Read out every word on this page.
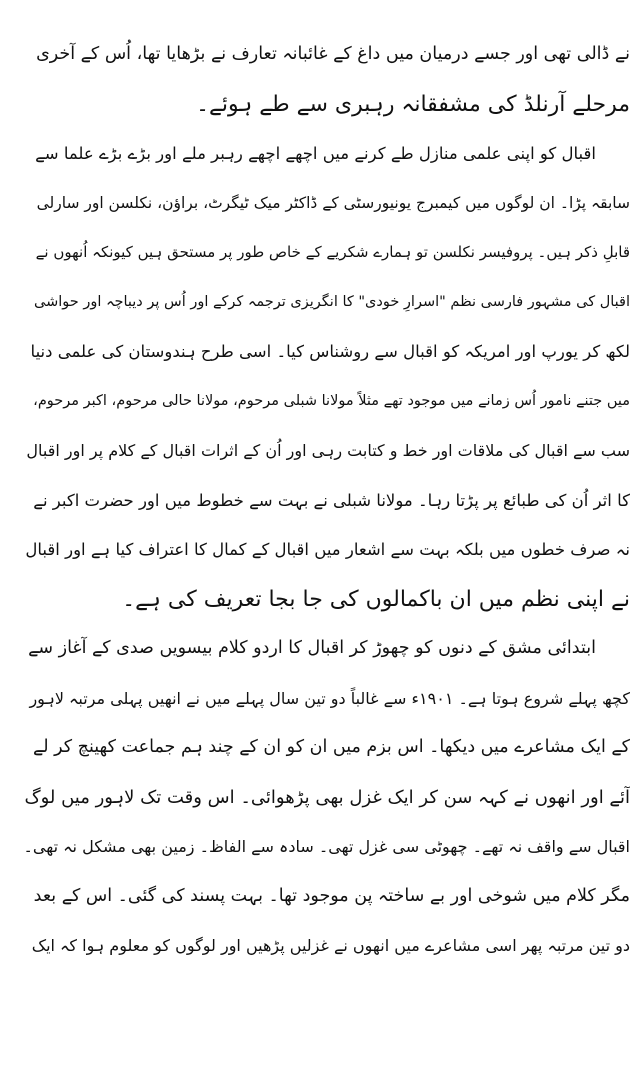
نے ڈالی تھی اور جسے درمیان میں داغ کے غائبانہ تعارف نے بڑھایا تھا، اُس کے آخری
مرحلے آرنلڈ کی مشفقانہ رہبری سے طے ہوئے۔

اقبال کو اپنی علمی منازل طے کرنے میں اچھے اچھے رہبر ملے اور بڑے بڑے علما سے
سابقہ پڑا۔ ان لوگوں میں کیمبرج یونیورسٹی کے ڈاکٹر میک ٹیگرٹ، براؤن، نکلسن اور سارلی
قابلِ ذکر ہیں۔ پروفیسر نکلسن تو ہمارے شکریے کے خاص طور پر مستحق ہیں کیونکہ اُنھوں نے
اقبال کی مشہور فارسی نظم "اسرارِ خودی" کا انگریزی ترجمہ کرکے اور اُس پر دیباچہ اور حواشی
لکھ کر یورپ اور امریکہ کو اقبال سے روشناس کیا۔ اسی طرح ہندوستان کی علمی دنیا
میں جتنے نامور اُس زمانے میں موجود تھے مثلاً مولانا شبلی مرحوم، مولانا حالی مرحوم، اکبر مرحوم،
سب سے اقبال کی ملاقات اور خط و کتابت رہی اور اُن کے اثرات اقبال کے کلام پر اور اقبال
کا اثر اُن کی طبائع پر پڑتا رہا۔ مولانا شبلی نے بہت سے خطوط میں اور حضرت اکبر نے
نہ صرف خطوں میں بلکہ بہت سے اشعار میں اقبال کے کمال کا اعتراف کیا ہے اور اقبال
نے اپنی نظم میں ان باکمالوں کی جا بجا تعریف کی ہے۔

ابتدائی مشق کے دنوں کو چھوڑ کر اقبال کا اردو کلام بیسویں صدی کے آغاز سے
کچھ پہلے شروع ہوتا ہے۔ ۱۹۰۱ء سے غالباً دو تین سال پہلے میں نے انھیں پہلی مرتبہ لاہور
کے ایک مشاعرے میں دیکھا۔ اس بزم میں ان کو ان کے چند ہم جماعت کھینچ کر لے
آئے اور انھوں نے کہہ سن کر ایک غزل بھی پڑھوائی۔ اس وقت تک لاہور میں لوگ
اقبال سے واقف نہ تھے۔ چھوٹی سی غزل تھی۔ سادہ سے الفاظ۔ زمین بھی مشکل نہ تھی۔
مگر کلام میں شوخی اور بے ساختہ پن موجود تھا۔ بہت پسند کی گئی۔ اس کے بعد
دو تین مرتبہ پھر اسی مشاعرے میں انھوں نے غزلیں پڑھیں اور لوگوں کو معلوم ہوا کہ ایک
